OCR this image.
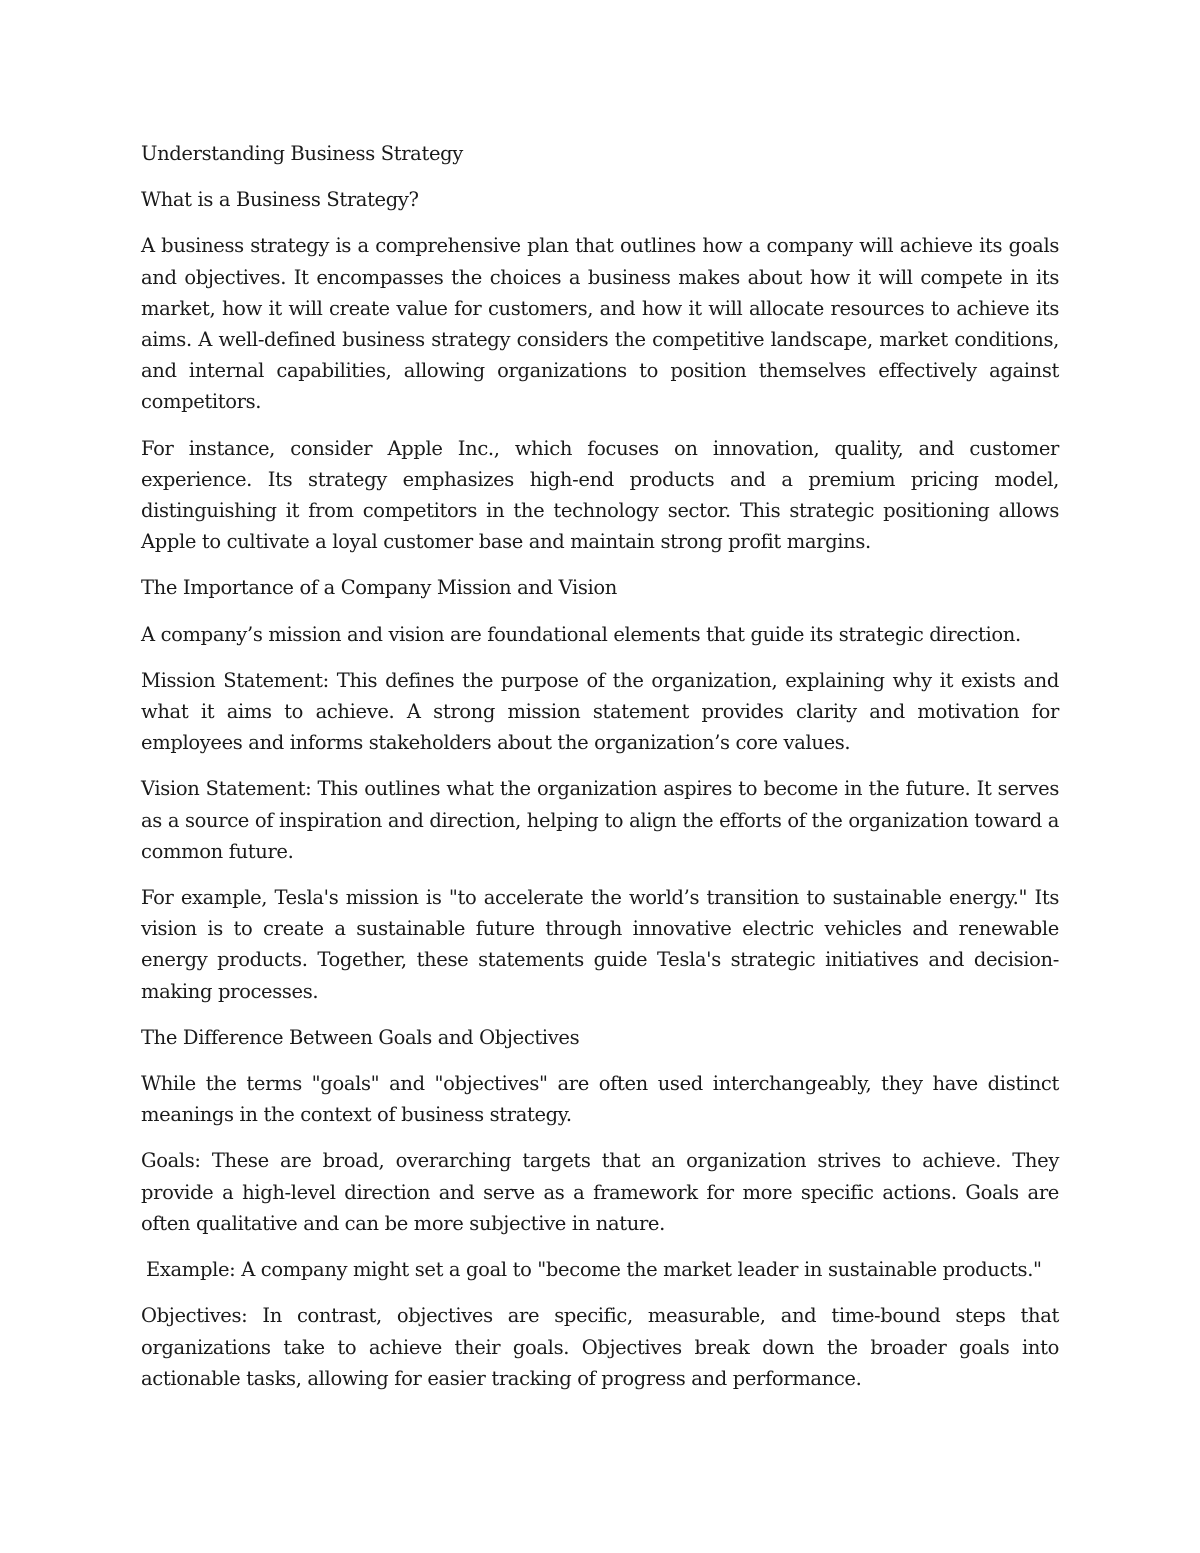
Understanding Business Strategy

What is a Business Strategy?

A business strategy is a comprehensive plan that outlines how a company will achieve its goals and objectives. It encompasses the choices a business makes about how it will compete in its market, how it will create value for customers, and how it will allocate resources to achieve its aims. A well-defined business strategy considers the competitive landscape, market conditions, and internal capabilities, allowing organizations to position themselves effectively against competitors.

For instance, consider Apple Inc., which focuses on innovation, quality, and customer experience. Its strategy emphasizes high-end products and a premium pricing model, distinguishing it from competitors in the technology sector. This strategic positioning allows Apple to cultivate a loyal customer base and maintain strong profit margins.

The Importance of a Company Mission and Vision

A company’s mission and vision are foundational elements that guide its strategic direction.

Mission Statement: This defines the purpose of the organization, explaining why it exists and what it aims to achieve. A strong mission statement provides clarity and motivation for employees and informs stakeholders about the organization’s core values.

Vision Statement: This outlines what the organization aspires to become in the future. It serves as a source of inspiration and direction, helping to align the efforts of the organization toward a common future.

For example, Tesla's mission is "to accelerate the world’s transition to sustainable energy." Its vision is to create a sustainable future through innovative electric vehicles and renewable energy products. Together, these statements guide Tesla's strategic initiatives and decision-making processes.

The Difference Between Goals and Objectives

While the terms "goals" and "objectives" are often used interchangeably, they have distinct meanings in the context of business strategy.

Goals: These are broad, overarching targets that an organization strives to achieve. They provide a high-level direction and serve as a framework for more specific actions. Goals are often qualitative and can be more subjective in nature.

Example: A company might set a goal to "become the market leader in sustainable products."

Objectives: In contrast, objectives are specific, measurable, and time-bound steps that organizations take to achieve their goals. Objectives break down the broader goals into actionable tasks, allowing for easier tracking of progress and performance.
